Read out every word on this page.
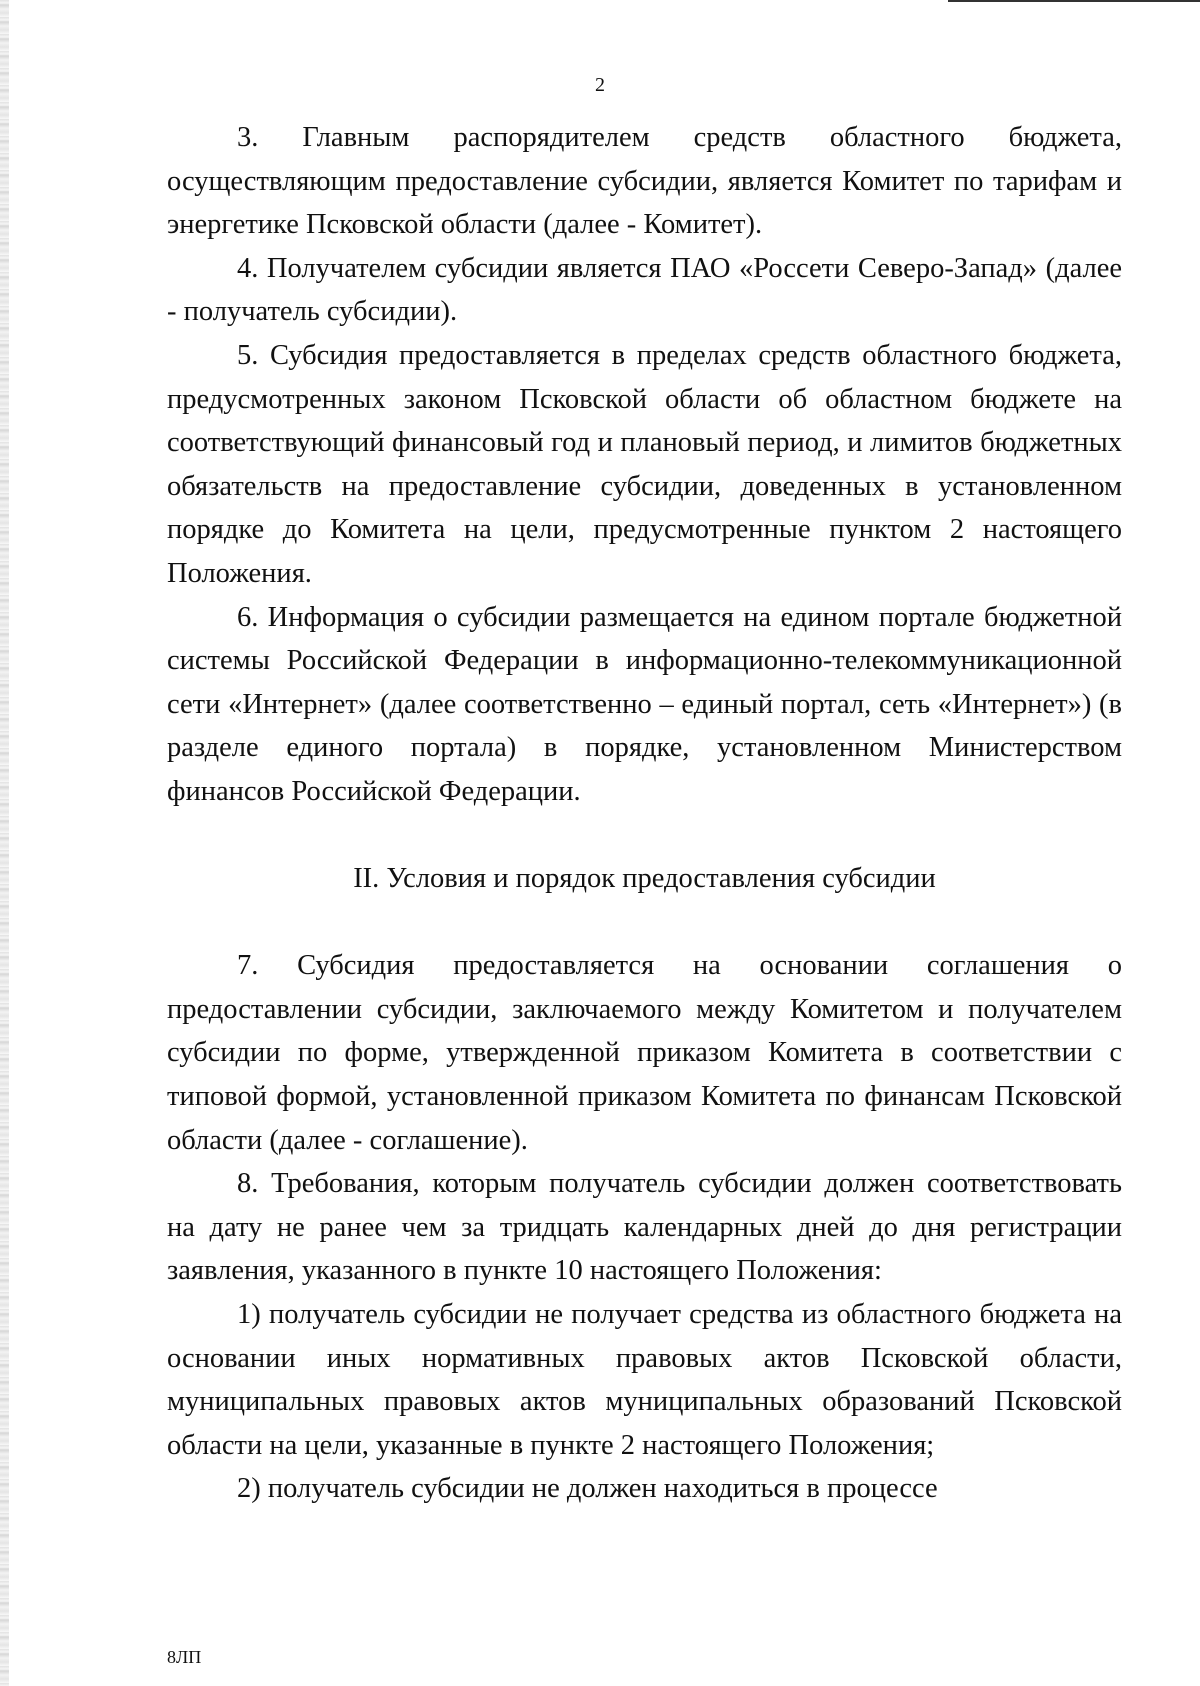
2

3. Главным распорядителем средств областного бюджета, осуществляющим предоставление субсидии, является Комитет по тарифам и энергетике Псковской области (далее - Комитет).

4. Получателем субсидии является ПАО «Россети Северо-Запад» (далее - получатель субсидии).

5. Субсидия предоставляется в пределах средств областного бюджета, предусмотренных законом Псковской области об областном бюджете на соответствующий финансовый год и плановый период, и лимитов бюджетных обязательств на предоставление субсидии, доведенных в установленном порядке до Комитета на цели, предусмотренные пунктом 2 настоящего Положения.

6. Информация о субсидии размещается на едином портале бюджетной системы Российской Федерации в информационно-телекоммуникационной сети «Интернет» (далее соответственно – единый портал, сеть «Интернет») (в разделе единого портала) в порядке, установленном Министерством финансов Российской Федерации.

II. Условия и порядок предоставления субсидии

7. Субсидия предоставляется на основании соглашения о предоставлении субсидии, заключаемого между Комитетом и получателем субсидии по форме, утвержденной приказом Комитета в соответствии с типовой формой, установленной приказом Комитета по финансам Псковской области (далее - соглашение).

8. Требования, которым получатель субсидии должен соответствовать на дату не ранее чем за тридцать календарных дней до дня регистрации заявления, указанного в пункте 10 настоящего Положения:

1) получатель субсидии не получает средства из областного бюджета на основании иных нормативных правовых актов Псковской области, муниципальных правовых актов муниципальных образований Псковской области на цели, указанные в пункте 2 настоящего Положения;

2) получатель субсидии не должен находиться в процессе

8ЛП
